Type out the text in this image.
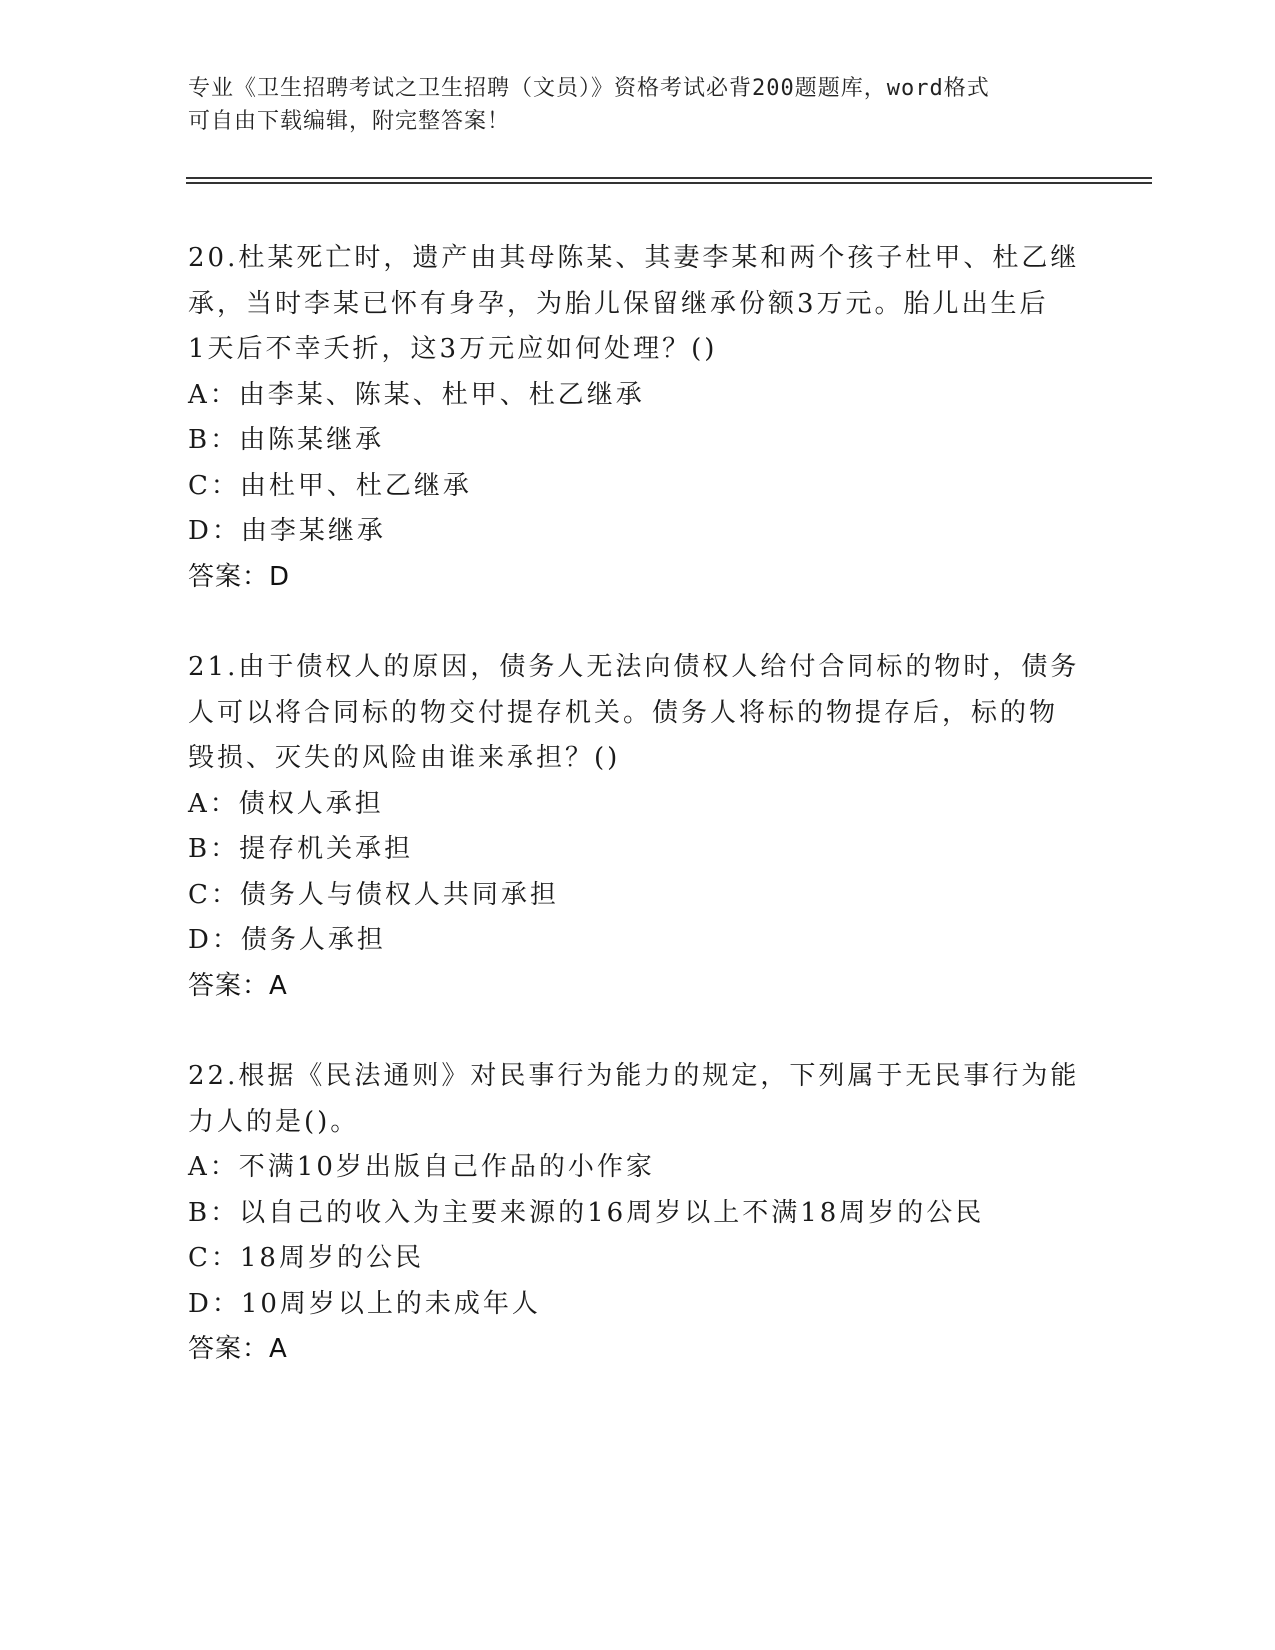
专业《卫生招聘考试之卫生招聘（文员）》资格考试必背200题题库，word格式
可自由下载编辑，附完整答案！
20.杜某死亡时，遗产由其母陈某、其妻李某和两个孩子杜甲、杜乙继
承，当时李某已怀有身孕，为胎儿保留继承份额3万元。胎儿出生后
1天后不幸夭折，这3万元应如何处理？()
A：由李某、陈某、杜甲、杜乙继承
B：由陈某继承
C：由杜甲、杜乙继承
D：由李某继承
答案：D
21.由于债权人的原因，债务人无法向债权人给付合同标的物时，债务
人可以将合同标的物交付提存机关。债务人将标的物提存后，标的物
毁损、灭失的风险由谁来承担？()
A：债权人承担
B：提存机关承担
C：债务人与债权人共同承担
D：债务人承担
答案：A
22.根据《民法通则》对民事行为能力的规定，下列属于无民事行为能
力人的是()。
A：不满10岁出版自己作品的小作家
B：以自己的收入为主要来源的16周岁以上不满18周岁的公民
C：18周岁的公民
D：10周岁以上的未成年人
答案：A
